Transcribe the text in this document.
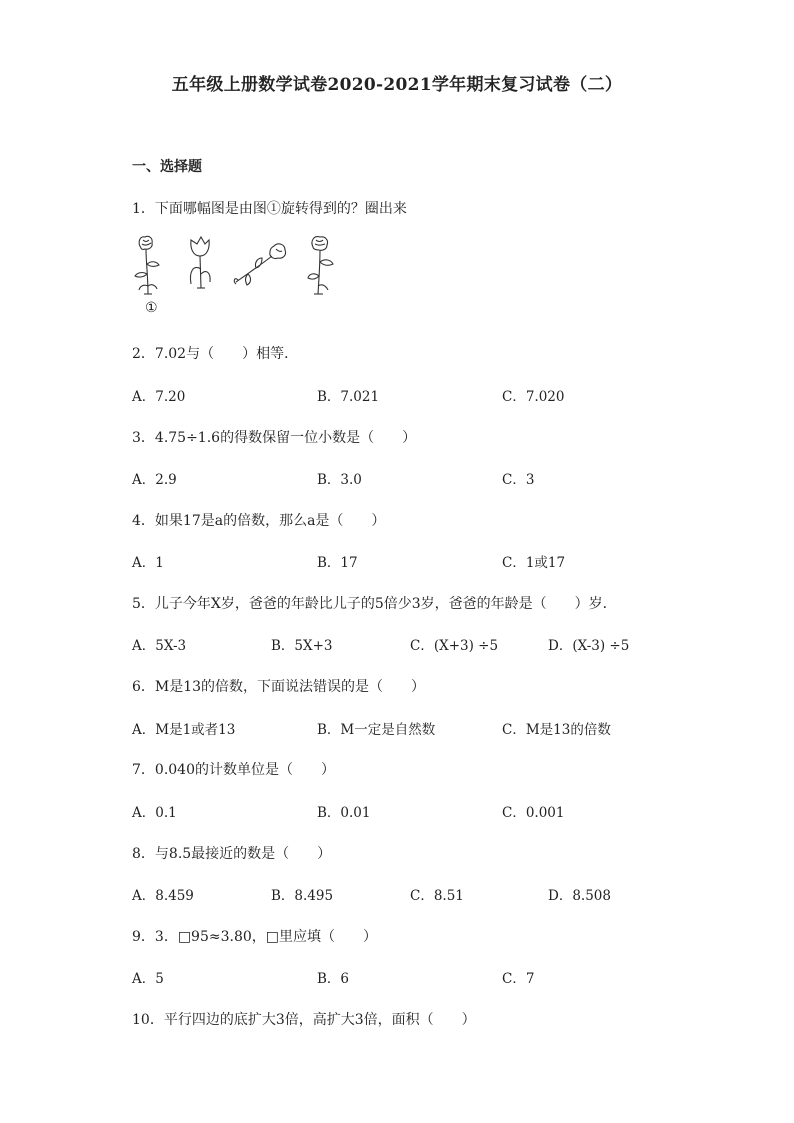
五年级上册数学试卷2020-2021学年期末复习试卷（二）
一、选择题
1．下面哪幅图是由图①旋转得到的？圈出来
①
2．7.02与（　　）相等．
A．7.20	B．7.021	C．7.020
3．4.75÷1.6的得数保留一位小数是（　　）
A．2.9	B．3.0	C．3
4．如果17是a的倍数，那么a是（　　）
A．1	B．17	C．1或17
5．儿子今年X岁，爸爸的年龄比儿子的5倍少3岁，爸爸的年龄是（　　）岁．
A．5X-3	B．5X+3	C．(X+3) ÷5	D．(X-3) ÷5
6．M是13的倍数，下面说法错误的是（　　）
A．M是1或者13	B．M一定是自然数	C．M是13的倍数
7．0.040的计数单位是（　　）
A．0.1	B．0.01	C．0.001
8．与8.5最接近的数是（　　）
A．8.459	B．8.495	C．8.51	D．8.508
9．3．□95≈3.80，□里应填（　　）
A．5	B．6	C．7
10．平行四边的底扩大3倍，高扩大3倍，面积（　　）
